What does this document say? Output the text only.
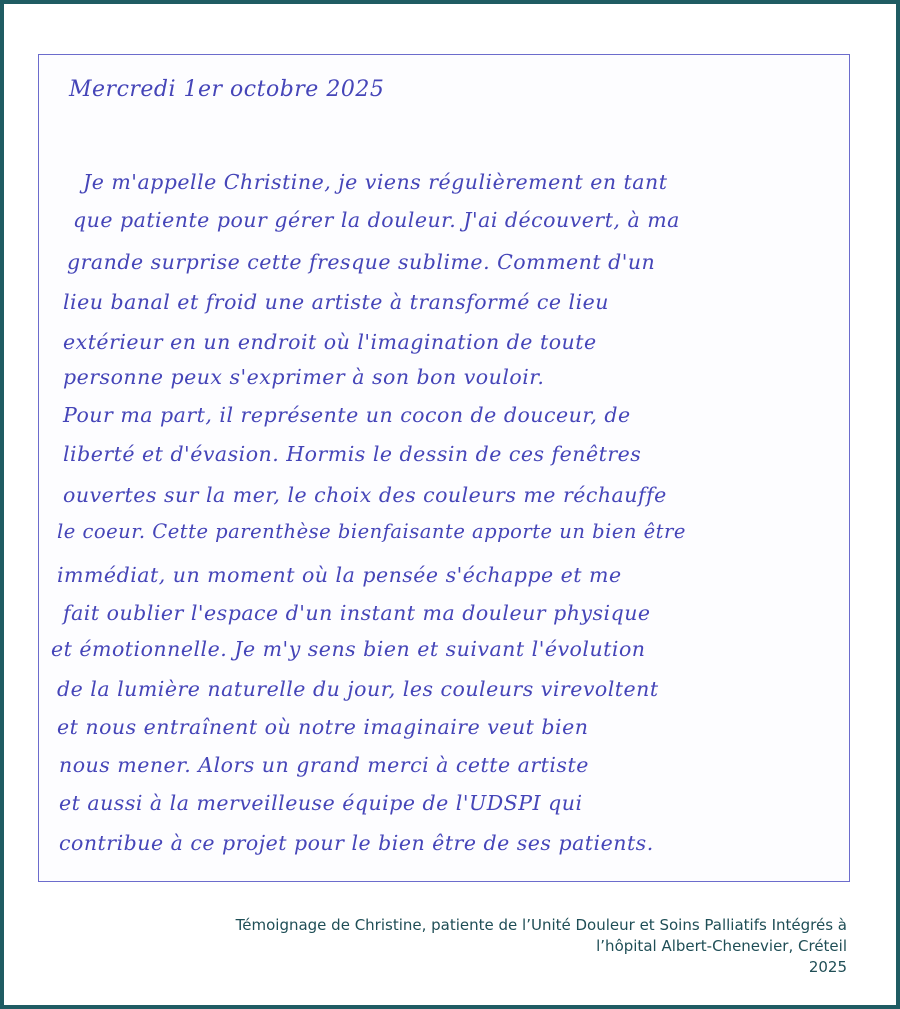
Mercredi 1er octobre 2025
Je m'appelle Christine, je viens régulièrement en tant
que patiente pour gérer la douleur. J'ai découvert, à ma
grande surprise cette fresque sublime. Comment d'un
lieu banal et froid une artiste à transformé ce lieu
extérieur en un endroit où l'imagination de toute
personne peux s'exprimer à son bon vouloir.
Pour ma part, il représente un cocon de douceur, de
liberté et d'évasion. Hormis le dessin de ces fenêtres
ouvertes sur la mer, le choix des couleurs me réchauffe
le coeur. Cette parenthèse bienfaisante apporte un bien être
immédiat, un moment où la pensée s'échappe et me
fait oublier l'espace d'un instant ma douleur physique
et émotionnelle. Je m'y sens bien et suivant l'évolution
de la lumière naturelle du jour, les couleurs virevoltent
et nous entraînent où notre imaginaire veut bien
nous mener. Alors un grand merci à cette artiste
et aussi à la merveilleuse équipe de l'UDSPI qui
contribue à ce projet pour le bien être de ses patients.
Témoignage de Christine, patiente de l’Unité Douleur et Soins Palliatifs Intégrés à
l’hôpital Albert-Chenevier, Créteil
2025
